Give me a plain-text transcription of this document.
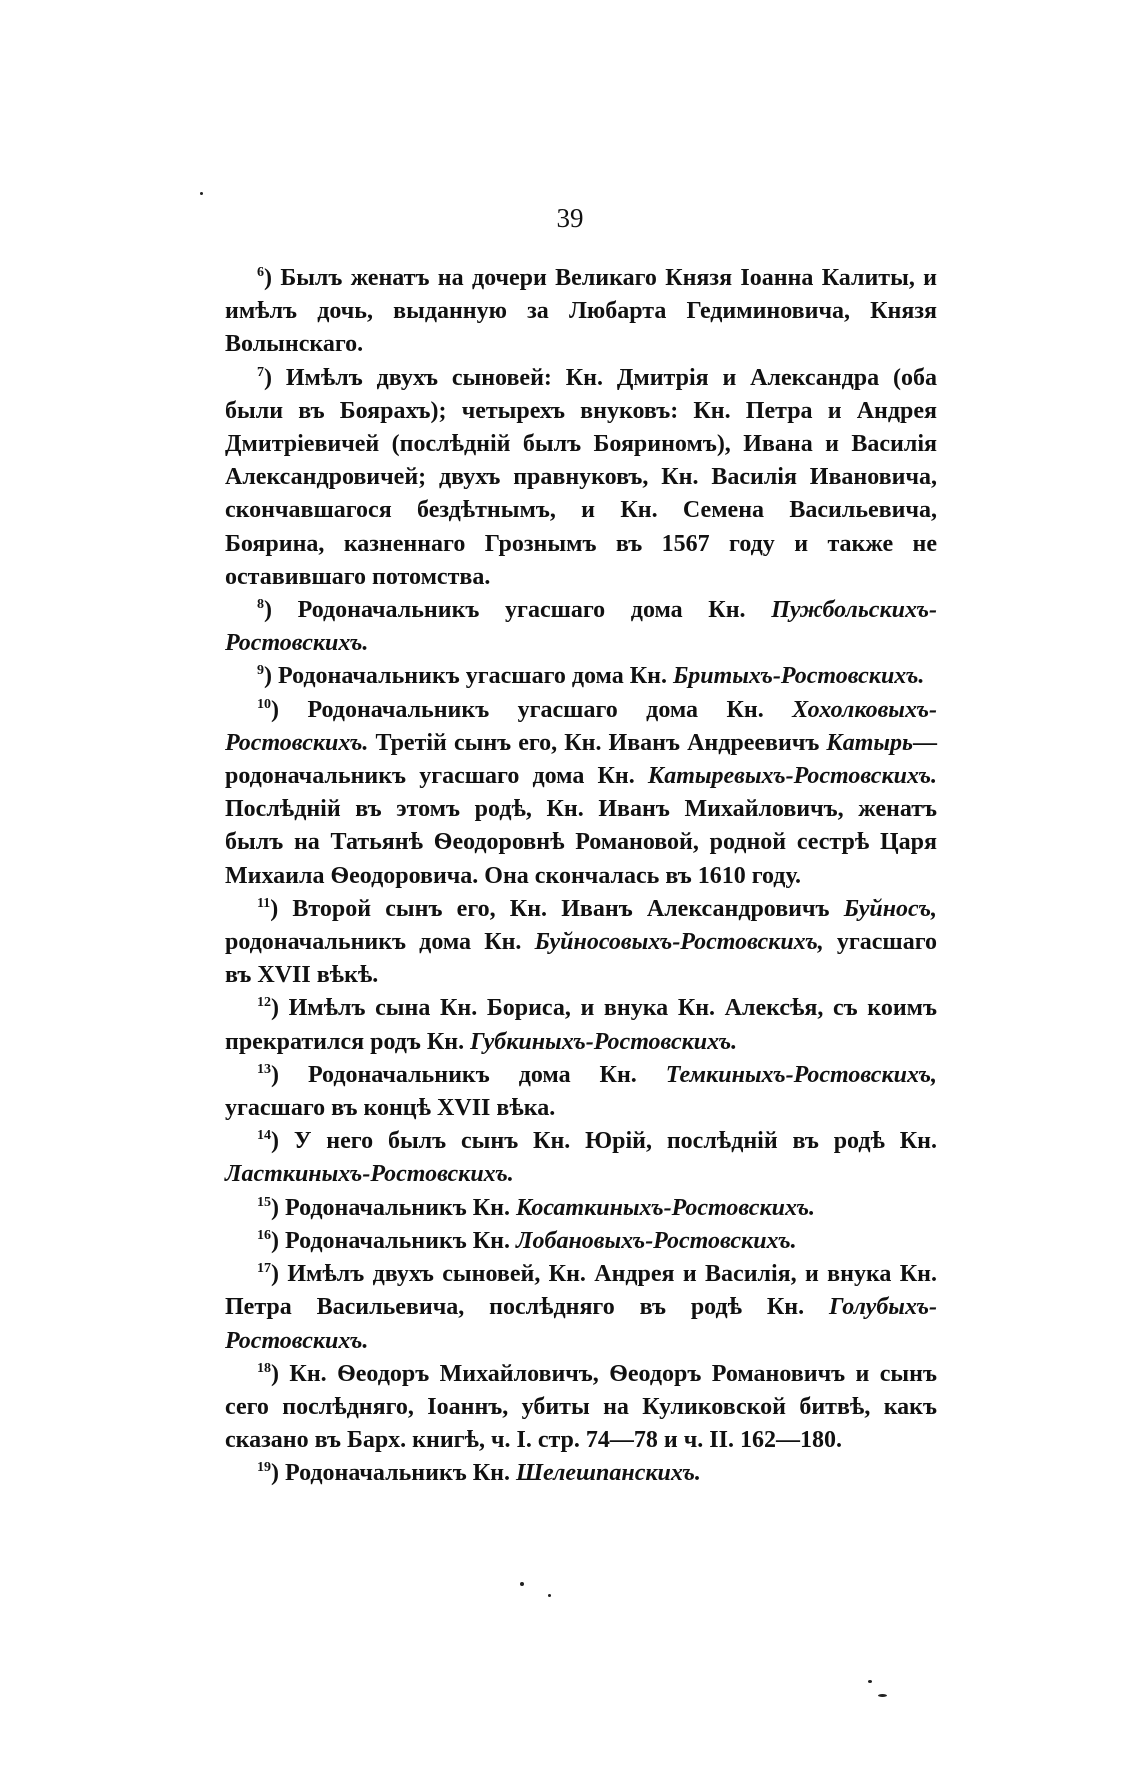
39

$^6$) Былъ женатъ на дочери Великаго Князя Іоанна Калиты, и имѣлъ дочь, выданную за Любарта Гедиминовича, Князя Волынскаго.

$^7$) Имѣлъ двухъ сыновей: Кн. Дмитрія и Александра (оба были въ Боярахъ); четырехъ внуковъ: Кн. Петра и Андрея Дмитріевичей (послѣдній былъ Бояриномъ), Ивана и Василія Александровичей; двухъ правнуковъ, Кн. Василія Ивановича, скончавшагося бездѣтнымъ, и Кн. Семена Васильевича, Боярина, казненнаго Грознымъ въ 1567 году и также не оставившаго потомства.

$^8$) Родоначальникъ угасшаго дома Кн. Пужбольскихъ-Ростовскихъ.

$^9$) Родоначальникъ угасшаго дома Кн. Бритыхъ-Ростовскихъ.

$^{10}$) Родоначальникъ угасшаго дома Кн. Хохолковыхъ-Ростовскихъ. Третій сынъ его, Кн. Иванъ Андреевичъ Катырь—родоначальникъ угасшаго дома Кн. Катыревыхъ-Ростовскихъ. Послѣдній въ этомъ родѣ, Кн. Иванъ Михайловичъ, женатъ былъ на Татьянѣ Ѳеодоровнѣ Романовой, родной сестрѣ Царя Михаила Ѳеодоровича. Она скончалась въ 1610 году.

$^{11}$) Второй сынъ его, Кн. Иванъ Александровичъ Буйносъ, родоначальникъ дома Кн. Буйносовыхъ-Ростовскихъ, угасшаго въ XVII вѣкѣ.

$^{12}$) Имѣлъ сына Кн. Бориса, и внука Кн. Алексѣя, съ коимъ прекратился родъ Кн. Губкиныхъ-Ростовскихъ.

$^{13}$) Родоначальникъ дома Кн. Темкиныхъ-Ростовскихъ, угасшаго въ концѣ XVII вѣка.

$^{14}$) У него былъ сынъ Кн. Юрій, послѣдній въ родѣ Кн. Ласткиныхъ-Ростовскихъ.

$^{15}$) Родоначальникъ Кн. Косаткиныхъ-Ростовскихъ.

$^{16}$) Родоначальникъ Кн. Лобановыхъ-Ростовскихъ.

$^{17}$) Имѣлъ двухъ сыновей, Кн. Андрея и Василія, и внука Кн. Петра Васильевича, послѣдняго въ родѣ Кн. Голубыхъ-Ростовскихъ.

$^{18}$) Кн. Ѳеодоръ Михайловичъ, Ѳеодоръ Романовичъ и сынъ сего послѣдняго, Іоаннъ, убиты на Куликовской битвѣ, какъ сказано въ Барх. книгѣ, ч. І. стр. 74—78 и ч. II. 162—180.

$^{19}$) Родоначальникъ Кн. Шелешпанскихъ.
